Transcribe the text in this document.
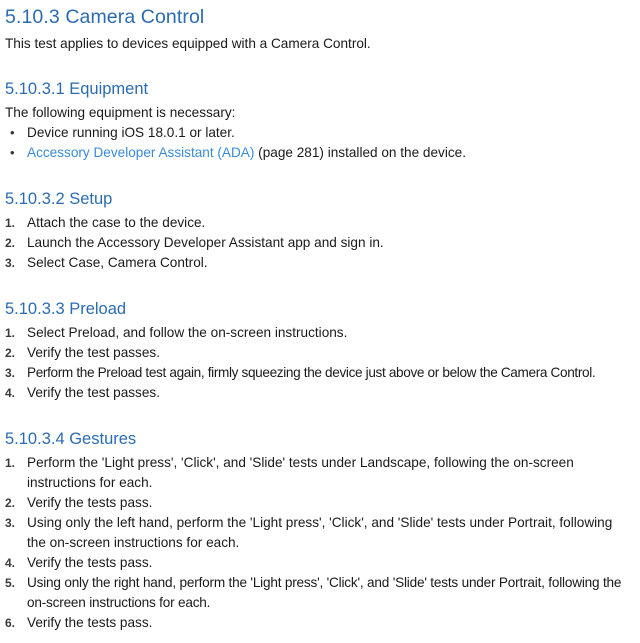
5.10.3 Camera Control

This test applies to devices equipped with a Camera Control.

5.10.3.1 Equipment

The following equipment is necessary:

• Device running iOS 18.0.1 or later.
• Accessory Developer Assistant (ADA) (page 281) installed on the device.
5.10.3.2 Setup
1. Attach the case to the device.
2. Launch the Accessory Developer Assistant app and sign in.
3. Select Case, Camera Control.
5.10.3.3 Preload
1. Select Preload, and follow the on-screen instructions.
2. Verify the test passes.
3. Perform the Preload test again, firmly squeezing the device just above or below the Camera Control.
4. Verify the test passes.
5.10.3.4 Gestures
1. Perform the 'Light press', 'Click', and 'Slide' tests under Landscape, following the on-screen instructions for each.
2. Verify the tests pass.
3. Using only the left hand, perform the 'Light press', 'Click', and 'Slide' tests under Portrait, following the on-screen instructions for each.
4. Verify the tests pass.
5. Using only the right hand, perform the 'Light press', 'Click', and 'Slide' tests under Portrait, following the on-screen instructions for each.
6. Verify the tests pass.
